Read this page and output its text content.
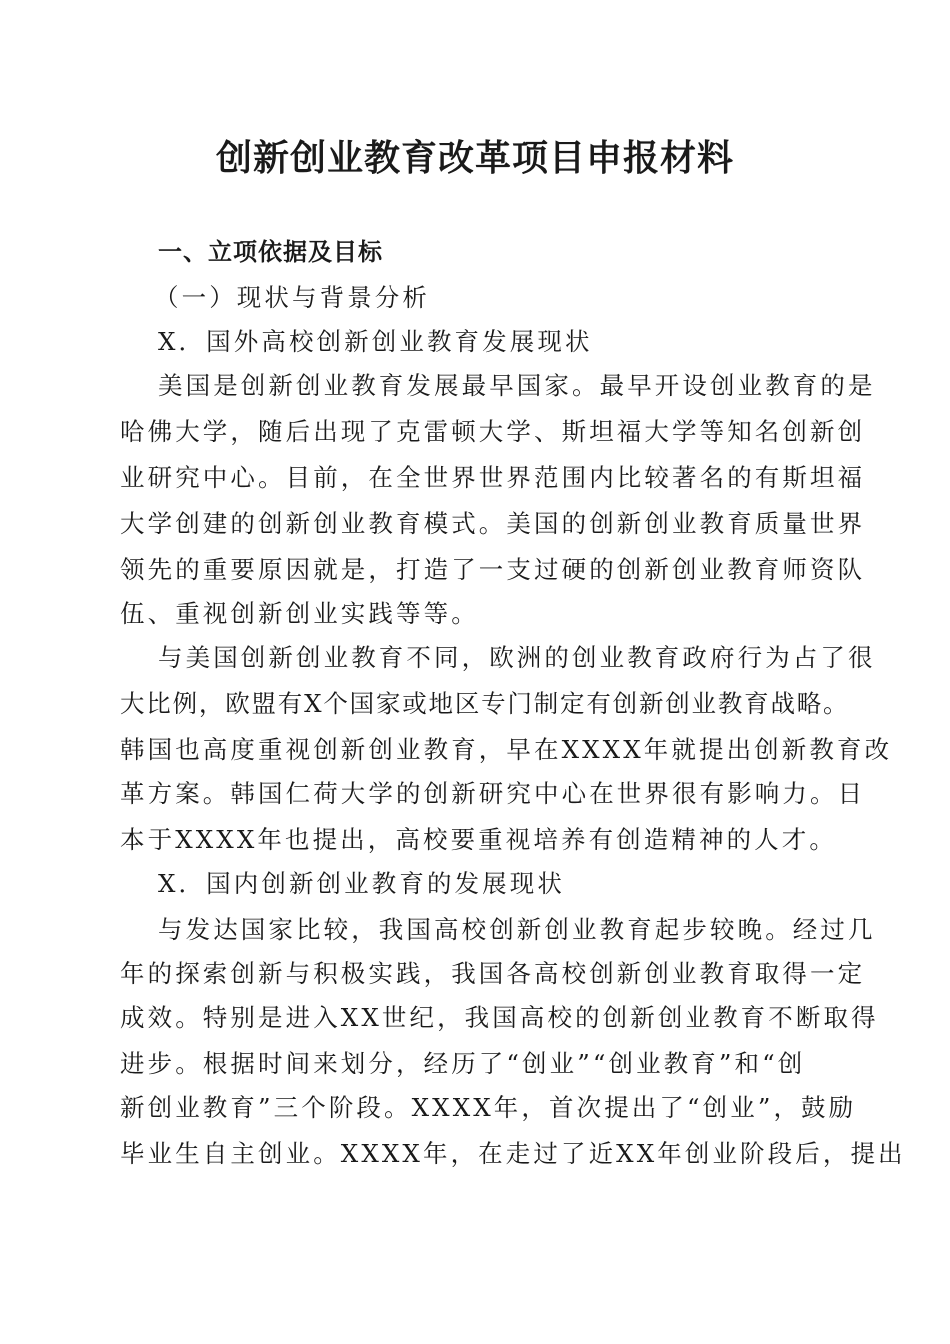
创新创业教育改革项目申报材料
一、立项依据及目标
（一）现状与背景分析
X．国外高校创新创业教育发展现状
美国是创新创业教育发展最早国家。最早开设创业教育的是
哈佛大学，随后出现了克雷顿大学、斯坦福大学等知名创新创
业研究中心。目前，在全世界世界范围内比较著名的有斯坦福
大学创建的创新创业教育模式。美国的创新创业教育质量世界
领先的重要原因就是，打造了一支过硬的创新创业教育师资队
伍、重视创新创业实践等等。
与美国创新创业教育不同，欧洲的创业教育政府行为占了很
大比例，欧盟有X个国家或地区专门制定有创新创业教育战略。
韩国也高度重视创新创业教育，早在XXXX年就提出创新教育改
革方案。韩国仁荷大学的创新研究中心在世界很有影响力。日
本于XXXX年也提出，高校要重视培养有创造精神的人才。
X．国内创新创业教育的发展现状
与发达国家比较，我国高校创新创业教育起步较晚。经过几
年的探索创新与积极实践，我国各高校创新创业教育取得一定
成效。特别是进入XX世纪，我国高校的创新创业教育不断取得
进步。根据时间来划分，经历了“创业”“创业教育”和“创
新创业教育”三个阶段。XXXX年，首次提出了“创业”，鼓励
毕业生自主创业。XXXX年，在走过了近XX年创业阶段后，提出
